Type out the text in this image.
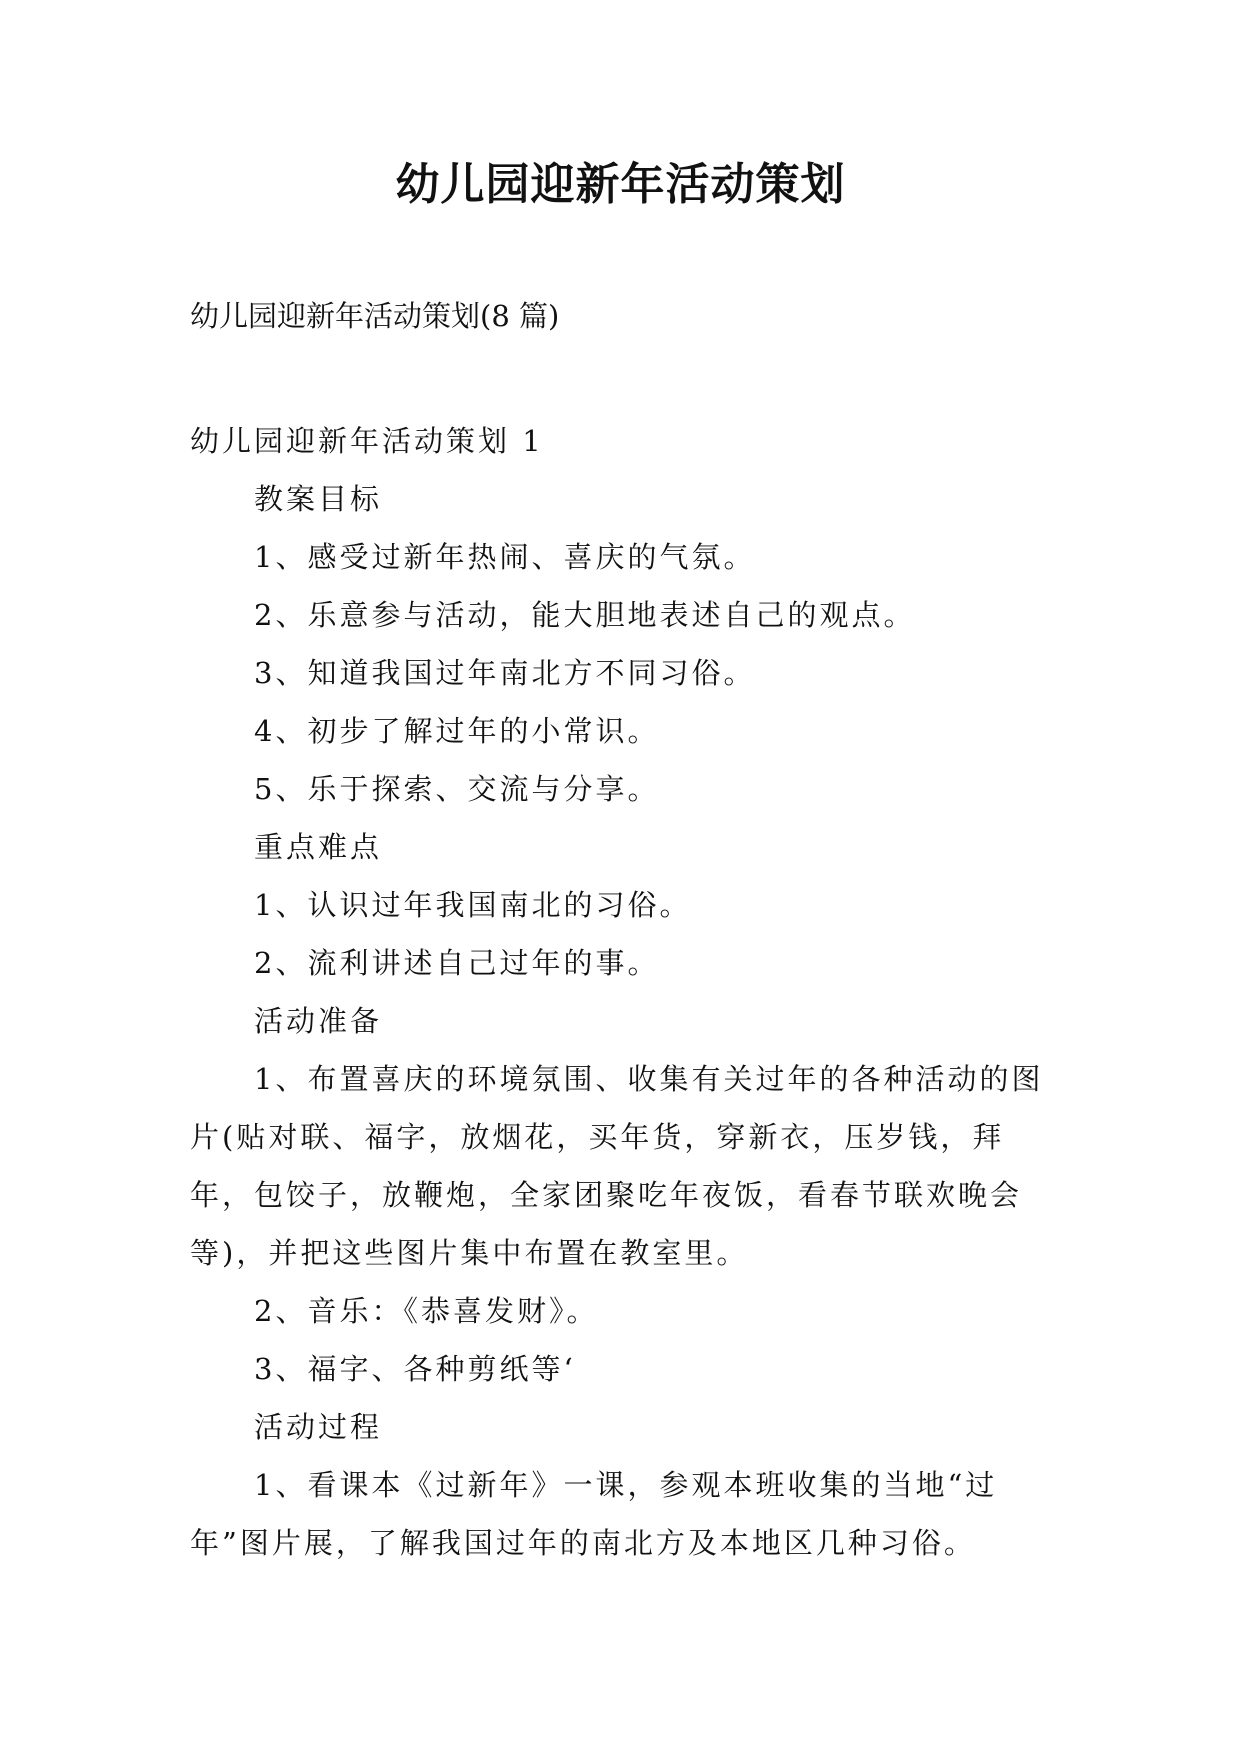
幼儿园迎新年活动策划

幼儿园迎新年活动策划(8 篇)

幼儿园迎新年活动策划 1

教案目标

1、感受过新年热闹、喜庆的气氛。

2、乐意参与活动，能大胆地表述自己的观点。

3、知道我国过年南北方不同习俗。

4、初步了解过年的小常识。

5、乐于探索、交流与分享。

重点难点

1、认识过年我国南北的习俗。

2、流利讲述自己过年的事。

活动准备

1、布置喜庆的环境氛围、收集有关过年的各种活动的图片(贴对联、福字，放烟花，买年货，穿新衣，压岁钱，拜年，包饺子，放鞭炮，全家团聚吃年夜饭，看春节联欢晚会等)，并把这些图片集中布置在教室里。

2、音乐：《恭喜发财》。

3、福字、各种剪纸等‘

活动过程

1、看课本《过新年》一课，参观本班收集的当地“过年”图片展，了解我国过年的南北方及本地区几种习俗。
